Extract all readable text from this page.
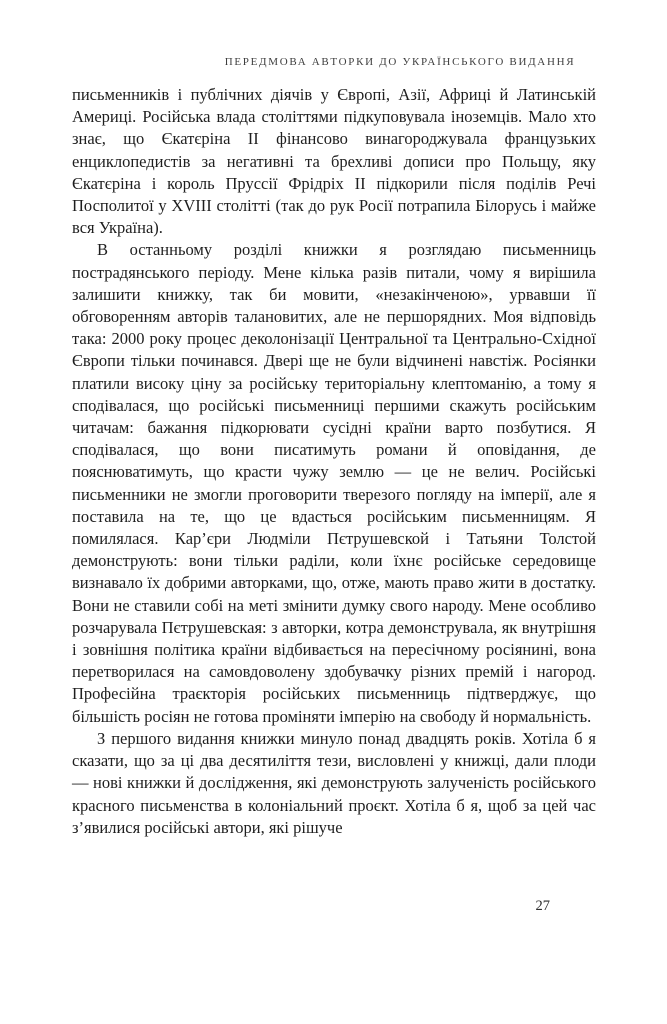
ПЕРЕДМОВА АВТОРКИ ДО УКРАЇНСЬКОГО ВИДАННЯ

письменників і публічних діячів у Європі, Азії, Африці й Латинській Америці. Російська влада століттями підкуповувала іноземців. Мало хто знає, що Єкатєріна II фінансово винагороджувала французьких енциклопедистів за негативні та брехливі дописи про Польщу, яку Єкатєріна і король Пруссії Фрідріх II підкорили після поділів Речі Посполитої у XVIII столітті (так до рук Росії потрапила Білорусь і майже вся Україна).

В останньому розділі книжки я розглядаю письменниць пострадянського періоду. Мене кілька разів питали, чому я вирішила залишити книжку, так би мовити, «незакінченою», урвавши її обговоренням авторів талановитих, але не першорядних. Моя відповідь така: 2000 року процес деколонізації Центральної та Центрально-Східної Європи тільки починався. Двері ще не були відчинені навстіж. Росіянки платили високу ціну за російську територіальну клептоманію, а тому я сподівалася, що російські письменниці першими скажуть російським читачам: бажання підкорювати сусідні країни варто позбутися. Я сподівалася, що вони писатимуть романи й оповідання, де пояснюватимуть, що красти чужу землю — це не велич. Російські письменники не змогли проговорити тверезого погляду на імперії, але я поставила на те, що це вдасться російським письменницям. Я помилялася. Кар’єри Людміли Пєтрушевской і Татьяни Толстой демонструють: вони тільки раділи, коли їхнє російське середовище визнавало їх добрими авторками, що, отже, мають право жити в достатку. Вони не ставили собі на меті змінити думку свого народу. Мене особливо розчарувала Пєтрушевская: з авторки, котра демонструвала, як внутрішня і зовнішня політика країни відбивається на пересічному росіянині, вона перетворилася на самовдоволену здобувачку різних премій і нагород. Професійна траєкторія російських письменниць підтверджує, що більшість росіян не готова проміняти імперію на свободу й нормальність.

З першого видання книжки минуло понад двадцять років. Хотіла б я сказати, що за ці два десятиліття тези, висловлені у книжці, дали плоди — нові книжки й дослідження, які демонструють залученість російського красного письменства в колоніальний проєкт. Хотіла б я, щоб за цей час з’явилися російські автори, які рішуче

27
